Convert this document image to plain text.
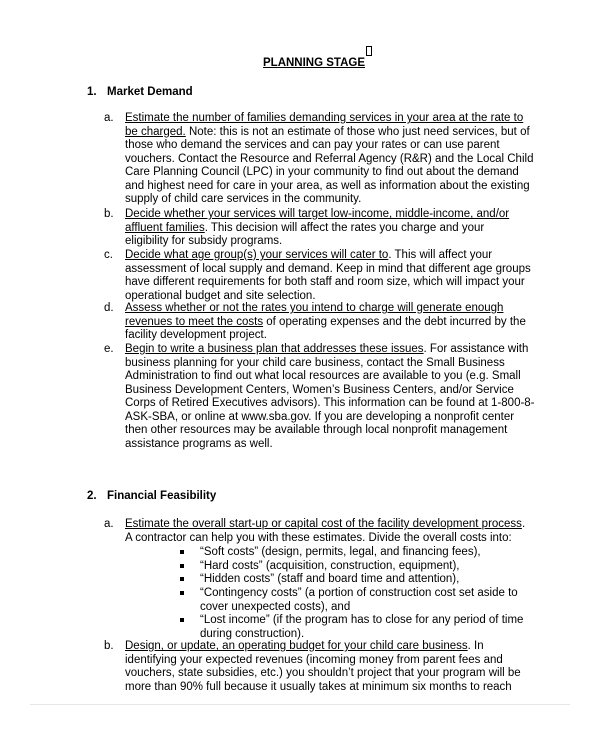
PLANNING STAGE
1. Market Demand
a. Estimate the number of families demanding services in your area at the rate to
be charged. Note: this is not an estimate of those who just need services, but of
those who demand the services and can pay your rates or can use parent
vouchers. Contact the Resource and Referral Agency (R&R) and the Local Child
Care Planning Council (LPC) in your community to find out about the demand
and highest need for care in your area, as well as information about the existing
supply of child care services in the community.
b. Decide whether your services will target low-income, middle-income, and/or
affluent families. This decision will affect the rates you charge and your
eligibility for subsidy programs.
c. Decide what age group(s) your services will cater to. This will affect your
assessment of local supply and demand. Keep in mind that different age groups
have different requirements for both staff and room size, which will impact your
operational budget and site selection.
d. Assess whether or not the rates you intend to charge will generate enough
revenues to meet the costs of operating expenses and the debt incurred by the
facility development project.
e. Begin to write a business plan that addresses these issues. For assistance with
business planning for your child care business, contact the Small Business
Administration to find out what local resources are available to you (e.g. Small
Business Development Centers, Women’s Business Centers, and/or Service
Corps of Retired Executives advisors). This information can be found at 1-800-8-
ASK-SBA, or online at www.sba.gov. If you are developing a nonprofit center
then other resources may be available through local nonprofit management
assistance programs as well.
2. Financial Feasibility
a. Estimate the overall start-up or capital cost of the facility development process.
A contractor can help you with these estimates. Divide the overall costs into:
“Soft costs” (design, permits, legal, and financing fees),
“Hard costs” (acquisition, construction, equipment),
“Hidden costs” (staff and board time and attention),
“Contingency costs” (a portion of construction cost set aside to
cover unexpected costs), and
“Lost income” (if the program has to close for any period of time
during construction).
b. Design, or update, an operating budget for your child care business. In
identifying your expected revenues (incoming money from parent fees and
vouchers, state subsidies, etc.) you shouldn’t project that your program will be
more than 90% full because it usually takes at minimum six months to reach
